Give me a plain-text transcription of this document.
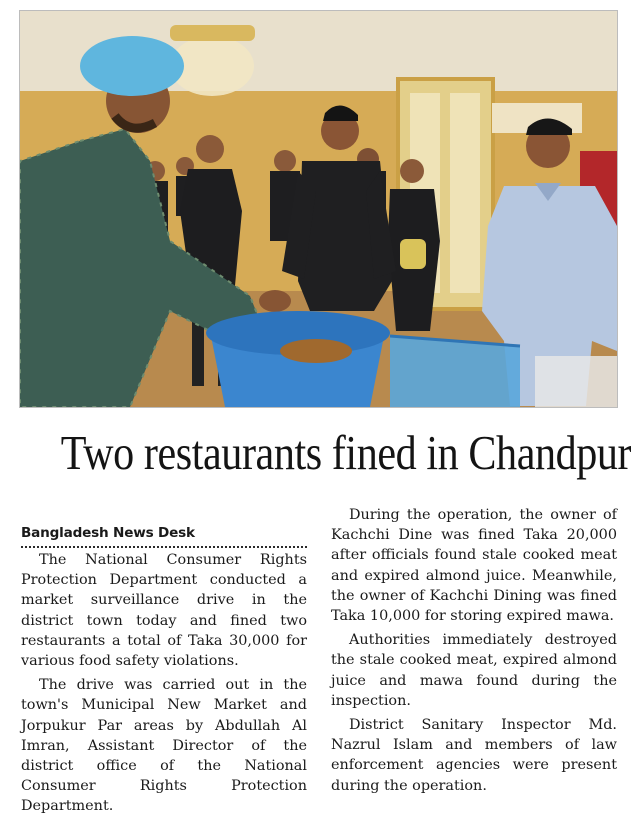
Two restaurants fined in Chandpur
Bangladesh News Desk

The National Consumer Rights Protection Department conducted a market surveillance drive in the district town today and fined two restaurants a total of Taka 30,000 for various food safety violations.

The drive was carried out in the town's Municipal New Market and Jorpukur Par areas by Abdullah Al Imran, Assistant Director of the district office of the National Consumer Rights Protection Department.

During the operation, the owner of Kachchi Dine was fined Taka 20,000 after officials found stale cooked meat and expired almond juice. Meanwhile, the owner of Kachchi Dining was fined Taka 10,000 for storing expired mawa.

Authorities immediately destroyed the stale cooked meat, expired almond juice and mawa found during the inspection.

District Sanitary Inspector Md. Nazrul Islam and members of law enforcement agencies were present during the operation.
